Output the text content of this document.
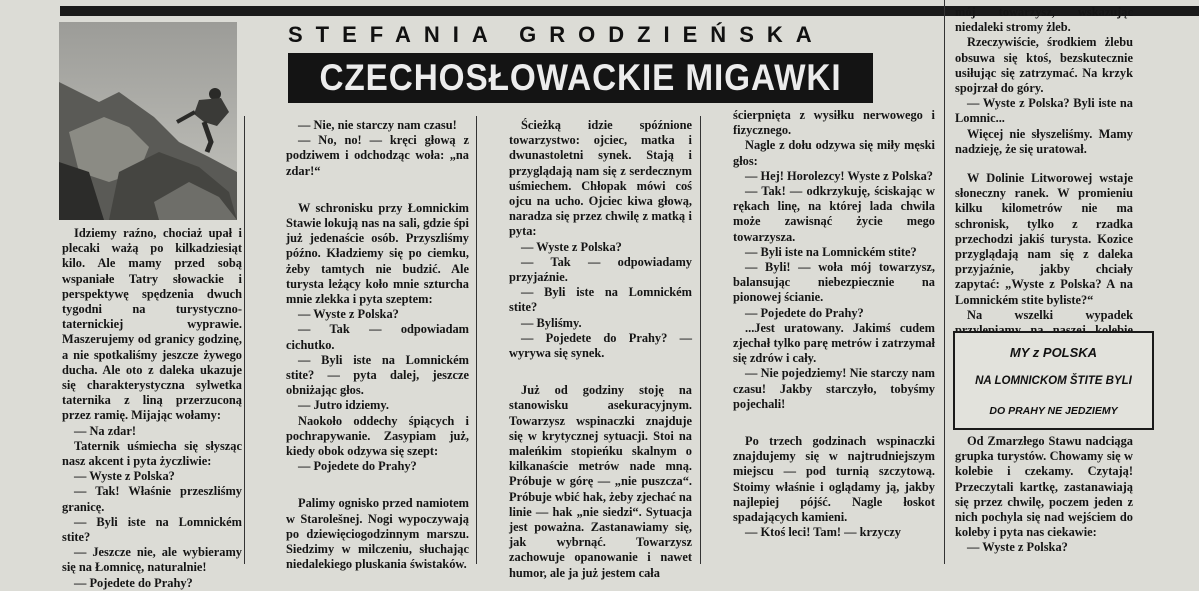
STEFANIA GRODZIEŃSKA
CZECHOSŁOWACKIE MIGAWKI

Idziemy raźno, chociaż upał i plecaki ważą po kilkadziesiąt kilo. Ale mamy przed sobą wspaniałe Tatry słowackie i perspektywę spędzenia dwuch tygodni na turystyczno-taternickiej wyprawie. Maszerujemy od granicy godzinę, a nie spotkaliśmy jeszcze żywego ducha. Ale oto z daleka ukazuje się charakterystyczna sylwetka taternika z liną przerzuconą przez ramię. Mijając wołamy:

— Na zdar!

Taternik uśmiecha się słysząc nasz akcent i pyta życzliwie:

— Wyste z Polska?

— Tak! Właśnie przeszliśmy granicę.

— Byli iste na Lomnickém stite?

— Jeszcze nie, ale wybieramy się na Łomnicę, naturalnie!

— Pojedete do Prahy?

— Nie, nie starczy nam czasu!

— No, no! — kręci głową z podziwem i odchodząc woła: „na zdar!“

W schronisku przy Łomnickim Stawie lokują nas na sali, gdzie śpi już jedenaście osób. Przyszliśmy późno. Kładziemy się po ciemku, żeby tamtych nie budzić. Ale turysta leżący koło mnie szturcha mnie zlekka i pyta szeptem:

— Wyste z Polska?

— Tak — odpowiadam cichutko.

— Byli iste na Lomnickém stite? — pyta dalej, jeszcze obniżając głos.

— Jutro idziemy.

Naokoło oddechy śpiących i pochrapywanie. Zasypiam już, kiedy obok odzywa się szept:

— Pojedete do Prahy?

Palimy ognisko przed namiotem w Starolešnej. Nogi wypoczywają po dziewięciogodzinnym marszu. Siedzimy w milczeniu, słuchając niedalekiego pluskania świstaków.

Ścieżką idzie spóźnione towarzystwo: ojciec, matka i dwunastoletni synek. Stają i przyglądają nam się z serdecznym uśmiechem. Chłopak mówi coś ojcu na ucho. Ojciec kiwa głową, naradza się przez chwilę z matką i pyta:

— Wyste z Polska?

— Tak — odpowiadamy przyjaźnie.

— Byli iste na Lomnickém stite?

— Byliśmy.

— Pojedete do Prahy? — wyrywa się synek.

Już od godziny stoję na stanowisku asekuracyjnym. Towarzysz wspinaczki znajduje się w krytycznej sytuacji. Stoi na maleńkim stopieńku skalnym o kilkanaście metrów nade mną. Próbuje w górę — „nie puszcza“. Próbuje wbić hak, żeby zjechać na linie — hak „nie siedzi“. Sytuacja jest poważna. Zastanawiamy się, jak wybrnąć. Towarzysz zachowuje opanowanie i nawet humor, ale ja już jestem cała

ścierpnięta z wysiłku nerwowego i fizycznego.

Nagle z dołu odzywa się miły męski głos:

— Hej! Horolezcy! Wyste z Polska?

— Tak! — odkrzykuję, ściskając w rękach linę, na której lada chwila może zawisnąć życie mego towarzysza.

— Byli iste na Lomnickém stite?

— Byli! — woła mój towarzysz, balansując niebezpiecznie na pionowej ścianie.

— Pojedete do Prahy?

...Jest uratowany. Jakimś cudem zjechał tylko parę metrów i zatrzymał się zdrów i cały.

— Nie pojedziemy! Nie starczy nam czasu! Jakby starczyło, tobyśmy pojechali!

Po trzech godzinach wspinaczki znajdujemy się w najtrudniejszym miejscu — pod turnią szczytową. Stoimy właśnie i oglądamy ją, jakby najlepiej pójść. Nagle łoskot spadających kamieni.

— Ktoś leci! Tam! — krzyczy

mój towarzysz, wskazując niedaleki stromy żleb.

Rzeczywiście, środkiem żlebu obsuwa się ktoś, bezskutecznie usiłując się zatrzymać. Na krzyk spojrzał do góry.

— Wyste z Polska? Byli iste na Lomnic...

Więcej nie słyszeliśmy. Mamy nadzieję, że się uratował.

W Dolinie Litworowej wstaje słoneczny ranek. W promieniu kilku kilometrów nie ma schronisk, tylko z rzadka przechodzi jakiś turysta. Kozice przyglądają nam się z daleka przyjaźnie, jakby chciały zapytać: „Wyste z Polska? A na Lomnickém stite byliste?“

Na wszelki wypadek

MY z POLSKA
NA LOMNICKOM ŠTITE BYLI
DO PRAHY NE JEDZIEMY

Od Zmarzłego Stawu nadciąga grupka turystów. Chowamy się w kolebie i czekamy. Czytają! Przeczytali kartkę, zastanawiają się przez chwilę, poczem jeden z nich pochyla się nad wejściem do koleby i pyta nas ciekawie:

— Wyste z Polska?
